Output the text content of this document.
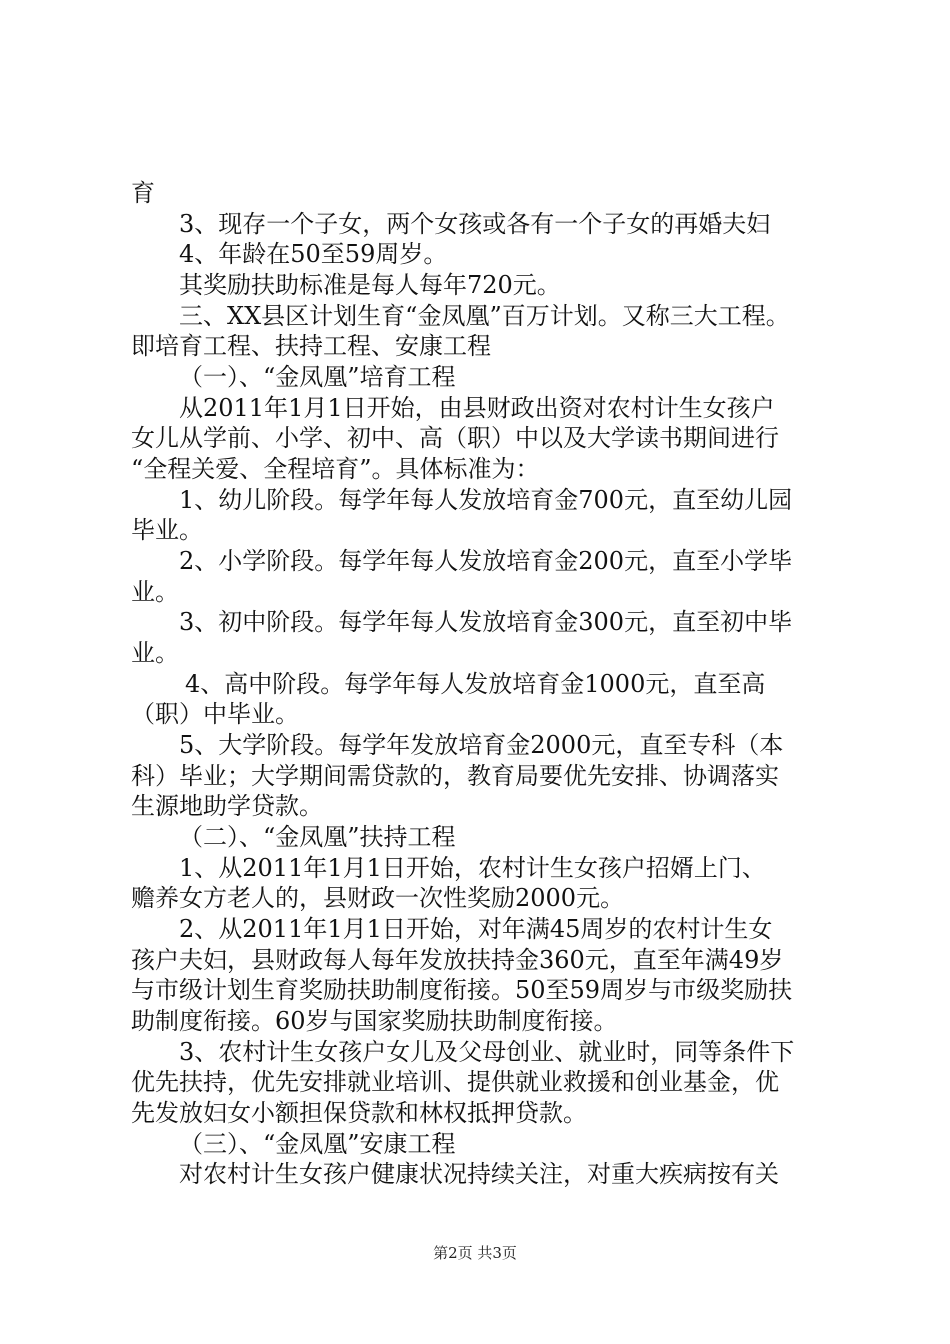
育
3、现存一个子女，两个女孩或各有一个子女的再婚夫妇
4、年龄在50至59周岁。
其奖励扶助标准是每人每年720元。
三、XX县区计划生育“金凤凰”百万计划。又称三大工程。
即培育工程、扶持工程、安康工程
（一）、“金凤凰”培育工程
从2011年1月1日开始，由县财政出资对农村计生女孩户
女儿从学前、小学、初中、高（职）中以及大学读书期间进行
“全程关爱、全程培育”。具体标准为：
1、幼儿阶段。每学年每人发放培育金700元，直至幼儿园
毕业。
2、小学阶段。每学年每人发放培育金200元，直至小学毕
业。
3、初中阶段。每学年每人发放培育金300元，直至初中毕
业。
4、高中阶段。每学年每人发放培育金1000元，直至高
（职）中毕业。
5、大学阶段。每学年发放培育金2000元，直至专科（本
科）毕业；大学期间需贷款的，教育局要优先安排、协调落实
生源地助学贷款。
（二）、“金凤凰”扶持工程
1、从2011年1月1日开始，农村计生女孩户招婿上门、
赡养女方老人的，县财政一次性奖励2000元。
2、从2011年1月1日开始，对年满45周岁的农村计生女
孩户夫妇，县财政每人每年发放扶持金360元，直至年满49岁
与市级计划生育奖励扶助制度衔接。50至59周岁与市级奖励扶
助制度衔接。60岁与国家奖励扶助制度衔接。
3、农村计生女孩户女儿及父母创业、就业时，同等条件下
优先扶持，优先安排就业培训、提供就业救援和创业基金，优
先发放妇女小额担保贷款和林权抵押贷款。
（三）、“金凤凰”安康工程
对农村计生女孩户健康状况持续关注，对重大疾病按有关
第2页 共3页
